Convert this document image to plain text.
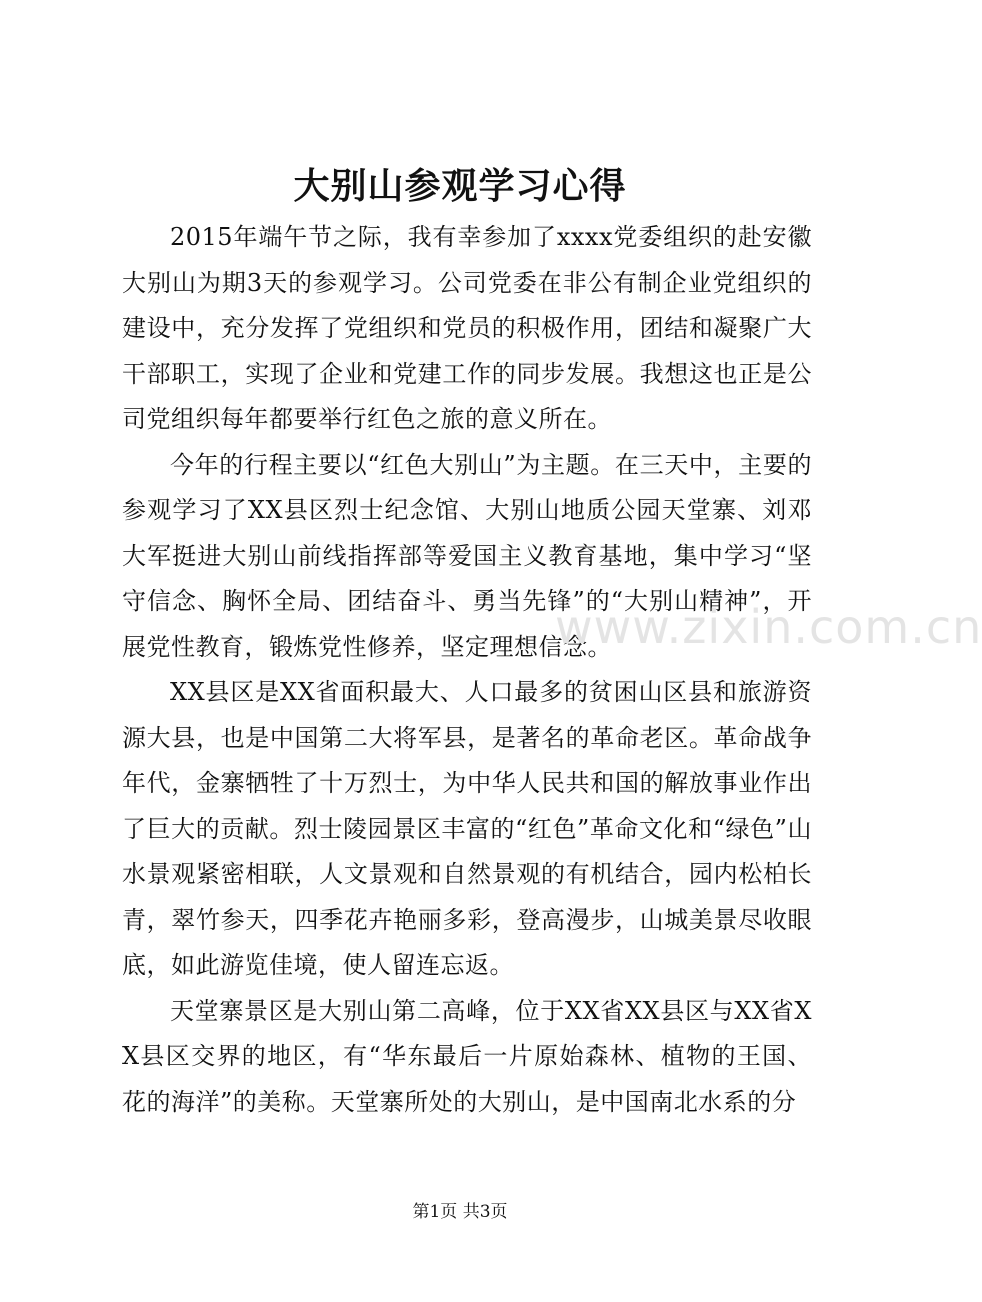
大别山参观学习心得

2015年端午节之际，我有幸参加了xxxx党委组织的赴安徽大别山为期3天的参观学习。公司党委在非公有制企业党组织的建设中，充分发挥了党组织和党员的积极作用，团结和凝聚广大干部职工，实现了企业和党建工作的同步发展。我想这也正是公司党组织每年都要举行红色之旅的意义所在。

今年的行程主要以“红色大别山”为主题。在三天中，主要的参观学习了XX县区烈士纪念馆、大别山地质公园天堂寨、刘邓大军挺进大别山前线指挥部等爱国主义教育基地，集中学习“坚守信念、胸怀全局、团结奋斗、勇当先锋”的“大别山精神”，开展党性教育，锻炼党性修养，坚定理想信念。

XX县区是XX省面积最大、人口最多的贫困山区县和旅游资源大县，也是中国第二大将军县，是著名的革命老区。革命战争年代，金寨牺牲了十万烈士，为中华人民共和国的解放事业作出了巨大的贡献。烈士陵园景区丰富的“红色”革命文化和“绿色”山水景观紧密相联，人文景观和自然景观的有机结合，园内松柏长青，翠竹参天，四季花卉艳丽多彩，登高漫步，山城美景尽收眼底，如此游览佳境，使人留连忘返。

天堂寨景区是大别山第二高峰，位于XX省XX县区与XX省XX县区交界的地区，有“华东最后一片原始森林、植物的王国、花的海洋”的美称。天堂寨所处的大别山，是中国南北水系的分

www.zixin.com.cn

第1页 共3页
